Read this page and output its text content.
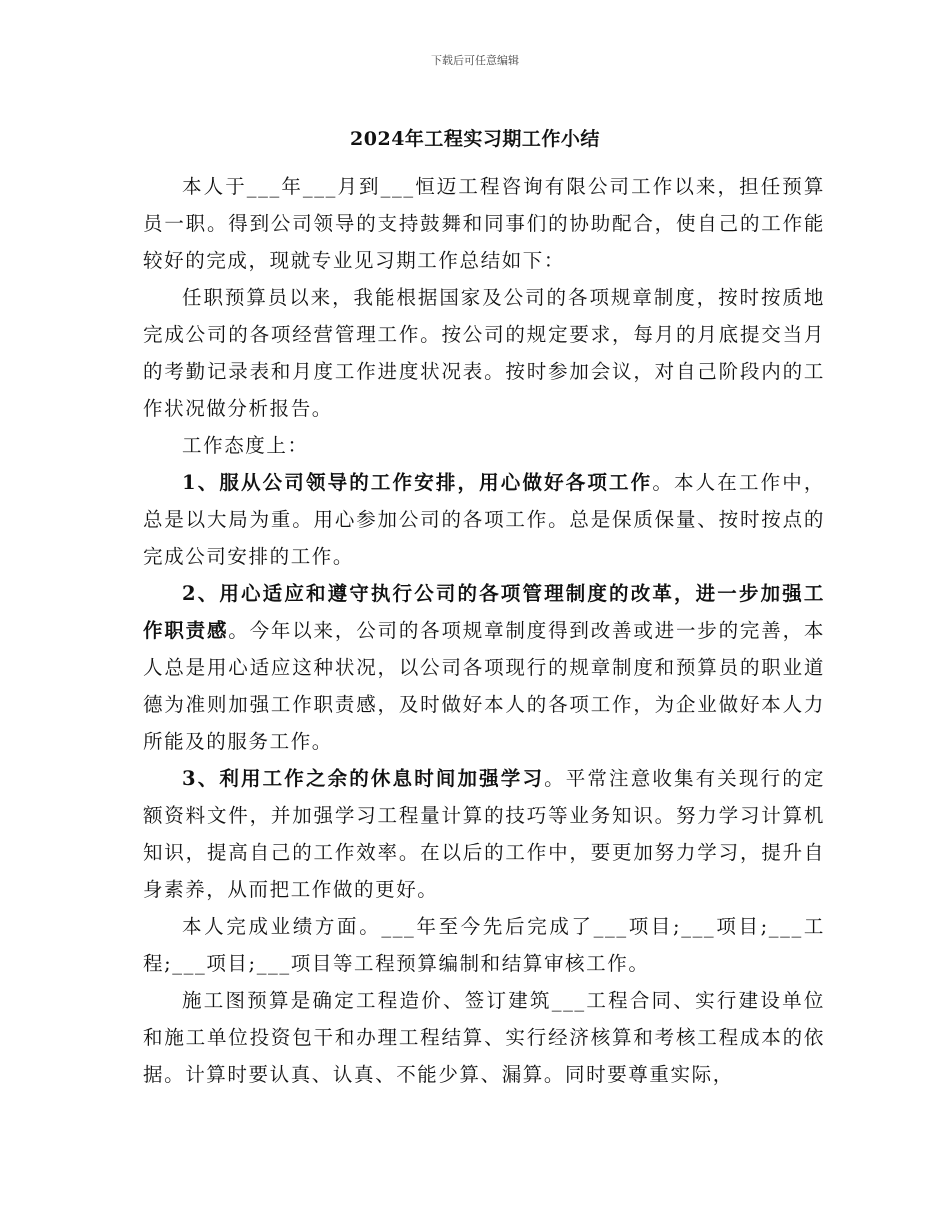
下载后可任意编辑
2024年工程实习期工作小结

本人于___年___月到___恒迈工程咨询有限公司工作以来，担任预算员一职。得到公司领导的支持鼓舞和同事们的协助配合，使自己的工作能较好的完成，现就专业见习期工作总结如下：

任职预算员以来，我能根据国家及公司的各项规章制度，按时按质地完成公司的各项经营管理工作。按公司的规定要求，每月的月底提交当月的考勤记录表和月度工作进度状况表。按时参加会议，对自己阶段内的工作状况做分析报告。

工作态度上：

1、服从公司领导的工作安排，用心做好各项工作。本人在工作中，总是以大局为重。用心参加公司的各项工作。总是保质保量、按时按点的完成公司安排的工作。

2、用心适应和遵守执行公司的各项管理制度的改革，进一步加强工作职责感。今年以来，公司的各项规章制度得到改善或进一步的完善，本人总是用心适应这种状况，以公司各项现行的规章制度和预算员的职业道德为准则加强工作职责感，及时做好本人的各项工作，为企业做好本人力所能及的服务工作。

3、利用工作之余的休息时间加强学习。平常注意收集有关现行的定额资料文件，并加强学习工程量计算的技巧等业务知识。努力学习计算机知识，提高自己的工作效率。在以后的工作中，要更加努力学习，提升自身素养，从而把工作做的更好。

本人完成业绩方面。___年至今先后完成了___项目;___项目;___工程;___项目;___项目等工程预算编制和结算审核工作。

施工图预算是确定工程造价、签订建筑___工程合同、实行建设单位和施工单位投资包干和办理工程结算、实行经济核算和考核工程成本的依据。计算时要认真、认真、不能少算、漏算。同时要尊重实际，
